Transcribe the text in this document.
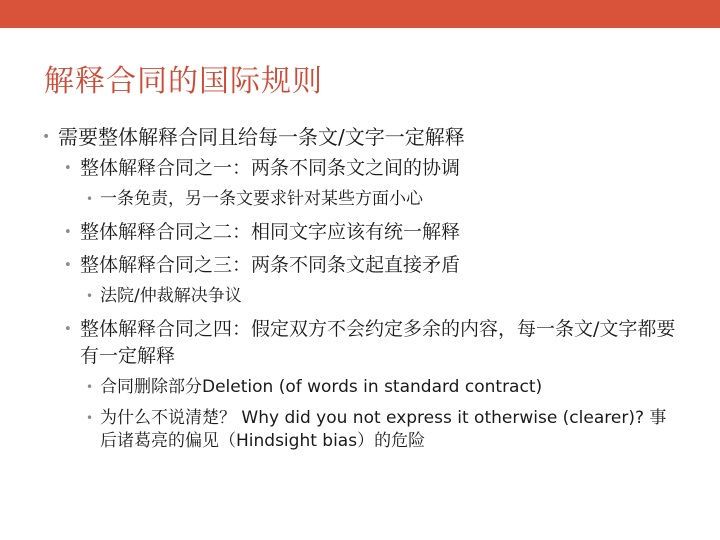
解释合同的国际规则
• 需要整体解释合同且给每一条文/文字一定解释
• 整体解释合同之一：两条不同条文之间的协调
• 一条免责，另一条文要求针对某些方面小心
• 整体解释合同之二：相同文字应该有统一解释
• 整体解释合同之三：两条不同条文起直接矛盾
• 法院/仲裁解决争议
• 整体解释合同之四：假定双方不会约定多余的内容，每一条文/文字都要有一定解释
• 合同删除部分Deletion (of words in standard contract)
• 为什么不说清楚？ Why did you not express it otherwise (clearer)? 事后诸葛亮的偏见（Hindsight bias）的危险
